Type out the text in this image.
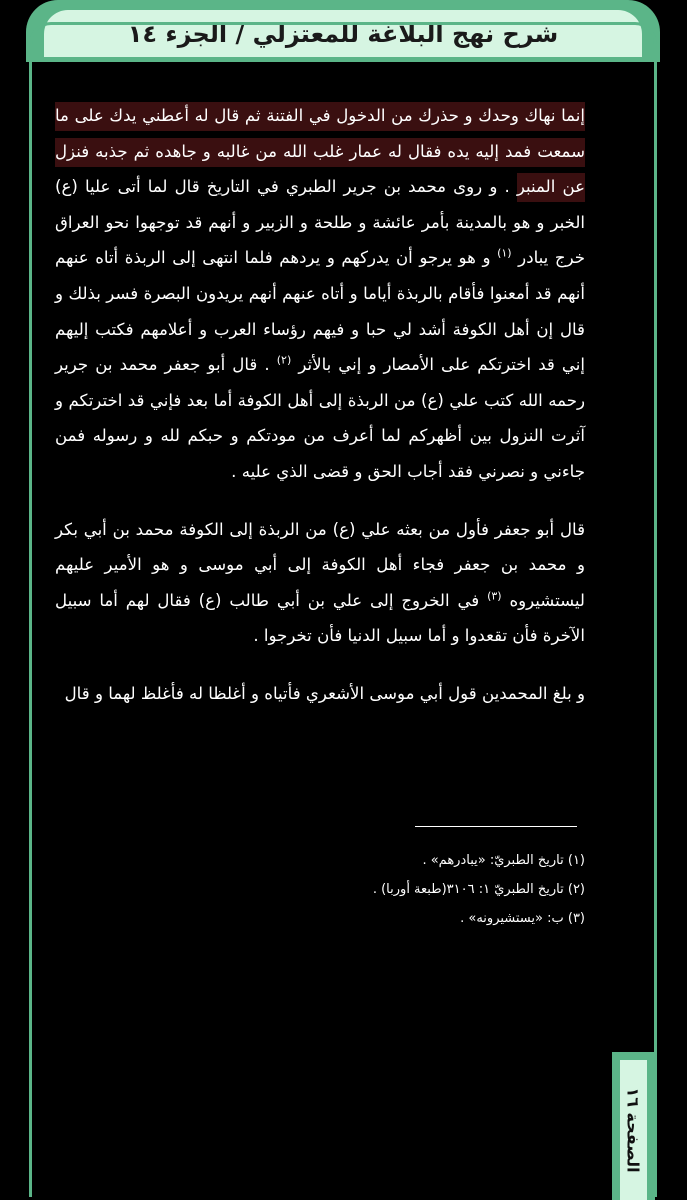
شرح نهج البلاغة للمعتزلي / الجزء ١٤

إنما نهاك وحدك و حذرك من الدخول في الفتنة ثم قال له أعطني يدك على ما سمعت فمد إليه يده فقال له عمار غلب الله من غالبه و جاهده ثم جذبه فنزل عن المنبر . و روى محمد بن جرير الطبري في التاريخ قال لما أتى عليا (ع) الخبر و هو بالمدينة بأمر عائشة و طلحة و الزبير و أنهم قد توجهوا نحو العراق خرج يبادر $^{(١)}$ و هو يرجو أن يدركهم و يردهم فلما انتهى إلى الربذة أتاه عنهم أنهم قد أمعنوا فأقام بالربذة أياما و أتاه عنهم أنهم يريدون البصرة فسر بذلك و قال إن أهل الكوفة أشد لي حبا و فيهم رؤساء العرب و أعلامهم فكتب إليهم إني قد اخترتكم على الأمصار و إني بالأثر $^{(٢)}$ . قال أبو جعفر محمد بن جرير رحمه الله كتب علي (ع) من الربذة إلى أهل الكوفة أما بعد فإني قد اخترتكم و آثرت النزول بين أظهركم لما أعرف من مودتكم و حبكم لله و رسوله فمن جاءني و نصرني فقد أجاب الحق و قضى الذي عليه .

قال أبو جعفر فأول من بعثه علي (ع) من الربذة إلى الكوفة محمد بن أبي بكر و محمد بن جعفر فجاء أهل الكوفة إلى أبي موسى و هو الأمير عليهم ليستشيروه $^{(٣)}$ في الخروج إلى علي بن أبي طالب (ع) فقال لهم أما سبيل الآخرة فأن تقعدوا و أما سبيل الدنيا فأن تخرجوا .

و بلغ المحمدين قول أبي موسى الأشعري فأتياه و أغلظا له فأغلظ لهما و قال

(١) تاريخ الطبريّ: «يبادرهم» .

(٢) تاريخ الطبريّ ١: ٣١٠٦(طبعة أوربا) .

(٣) ب: «يستشيرونه» .

الصفحة ١٦
